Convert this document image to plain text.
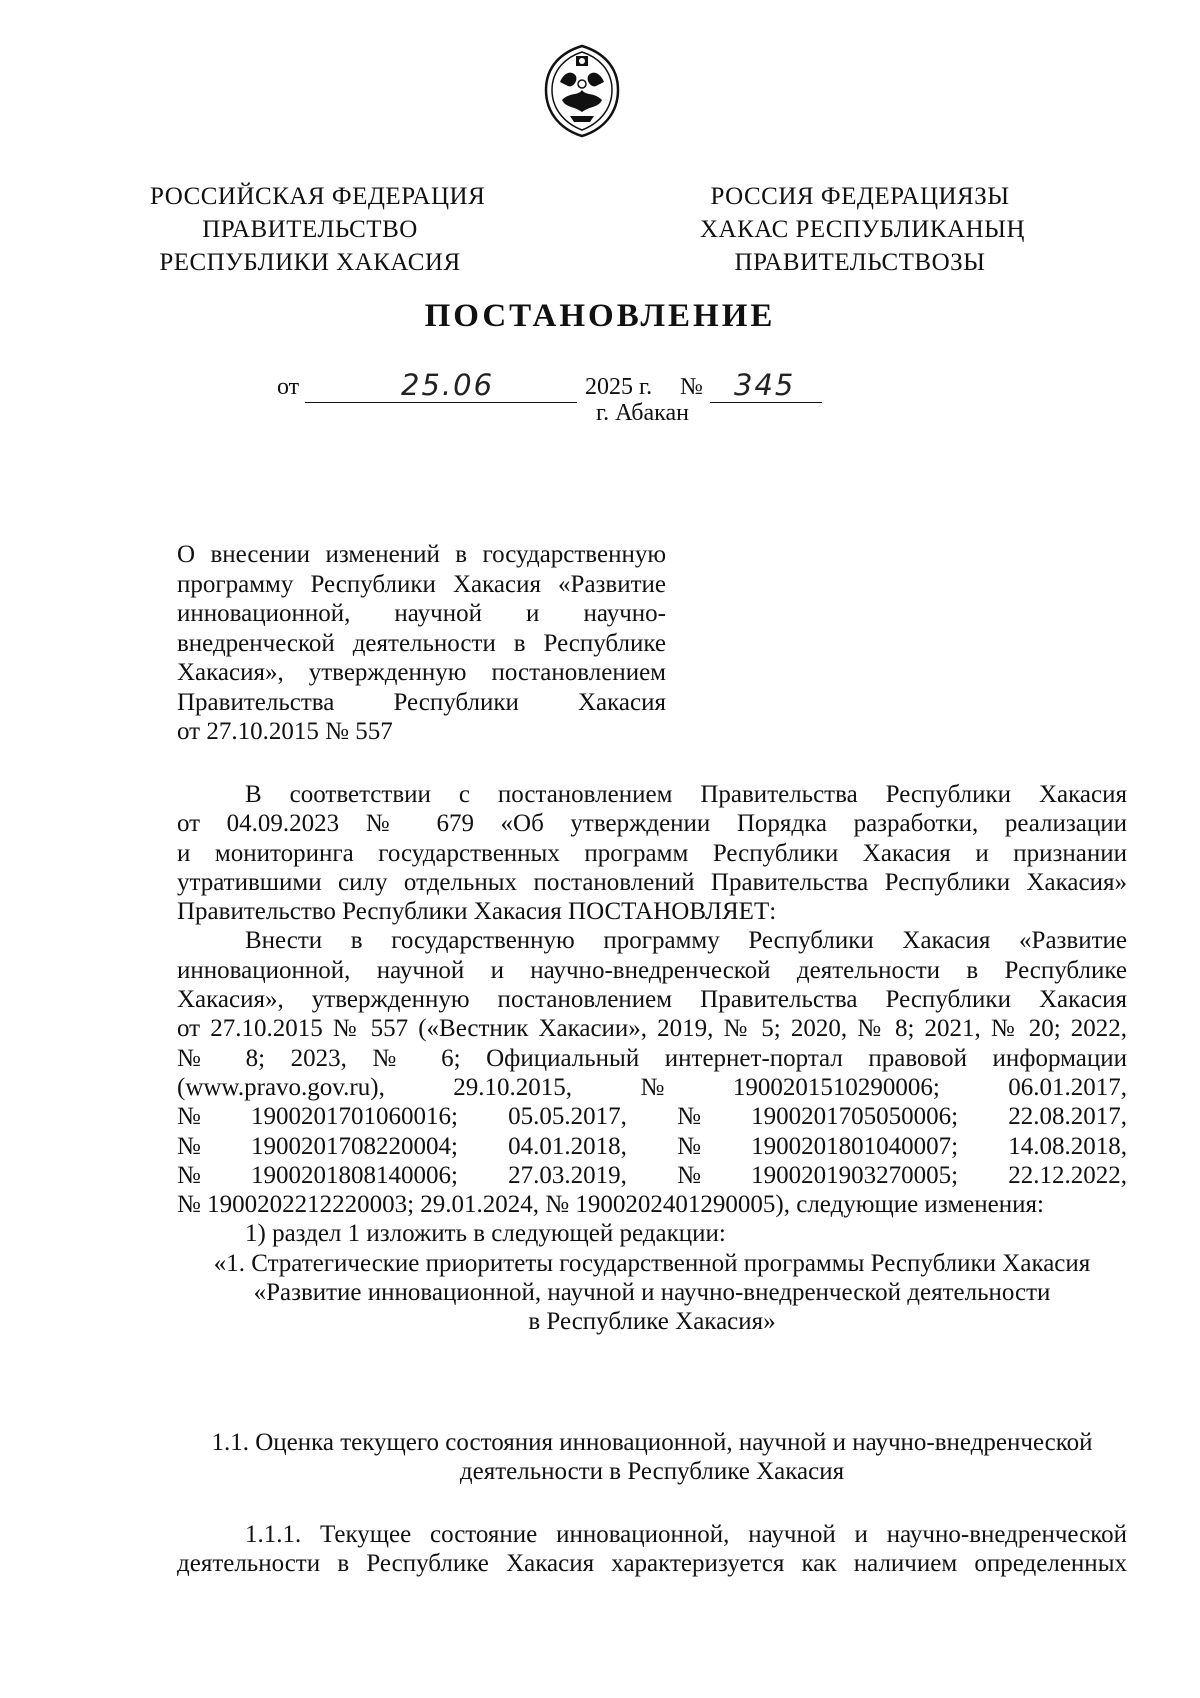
РОССИЙСКАЯ ФЕДЕРАЦИЯ
ПРАВИТЕЛЬСТВО
РЕСПУБЛИКИ ХАКАСИЯ
РОССИЯ ФЕДЕРАЦИЯЗЫ
ХАКАС РЕСПУБЛИКАНЫҢ
ПРАВИТЕЛЬСТВОЗЫ
ПОСТАНОВЛЕНИЕ
от	25.06	2025 г. № 345
г. Абакан
О внесении изменений в государственную
программу Республики Хакасия «Развитие
инновационной, научной и научно-
внедренческой деятельности в Республике
Хакасия», утвержденную постановлением
Правительства Республики Хакасия
от 27.10.2015 № 557
В соответствии с постановлением Правительства Республики Хакасия
от 04.09.2023 № 679 «Об утверждении Порядка разработки, реализации
и мониторинга государственных программ Республики Хакасия и признании
утратившими силу отдельных постановлений Правительства Республики Хакасия»
Правительство Республики Хакасия ПОСТАНОВЛЯЕТ:
Внести в государственную программу Республики Хакасия «Развитие
инновационной, научной и научно-внедренческой деятельности в Республике
Хакасия», утвержденную постановлением Правительства Республики Хакасия
от 27.10.2015 № 557 («Вестник Хакасии», 2019, № 5; 2020, № 8; 2021, № 20; 2022,
№ 8; 2023, № 6; Официальный интернет-портал правовой информации
(www.pravo.gov.ru),	29.10.2015,	№	1900201510290006;	06.01.2017,
№ 1900201701060016; 05.05.2017, № 1900201705050006; 22.08.2017,
№ 1900201708220004; 04.01.2018, № 1900201801040007; 14.08.2018,
№ 1900201808140006; 27.03.2019, № 1900201903270005; 22.12.2022,
№ 1900202212220003; 29.01.2024, № 1900202401290005), следующие изменения:
1) раздел 1 изложить в следующей редакции:
«1. Стратегические приоритеты государственной программы Республики Хакасия
«Развитие инновационной, научной и научно-внедренческой деятельности
в Республике Хакасия»
1.1. Оценка текущего состояния инновационной, научной и научно-внедренческой
деятельности в Республике Хакасия
1.1.1. Текущее состояние инновационной, научной и научно-внедренческой
деятельности в Республике Хакасия характеризуется как наличием определенных
